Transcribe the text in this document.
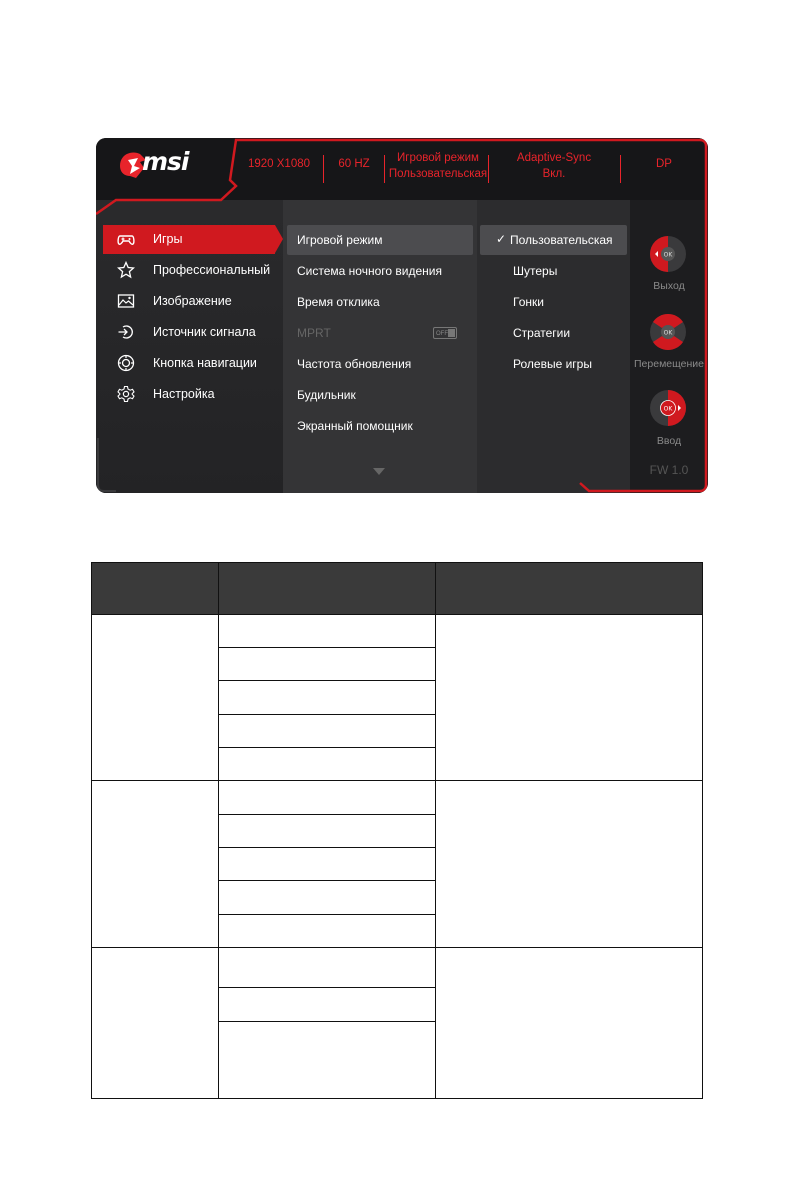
msi	1920 X1080	60 HZ	Игровой режим
Пользовательская
Adaptive-Sync
Вкл.
DP
Игры
Профессиональный
Изображение
Источник сигнала
Кнопка навигации
Настройка
Игровой режим
Система ночного видения
Время отклика
MPRT	OFF
Частота обновления
Будильник
Экранный помощник
✓ Пользовательская
Шутеры
Гонки
Стратегии
Ролевые игры
OK
Выход
OK
Перемещение
OK
Ввод
FW 1.0
